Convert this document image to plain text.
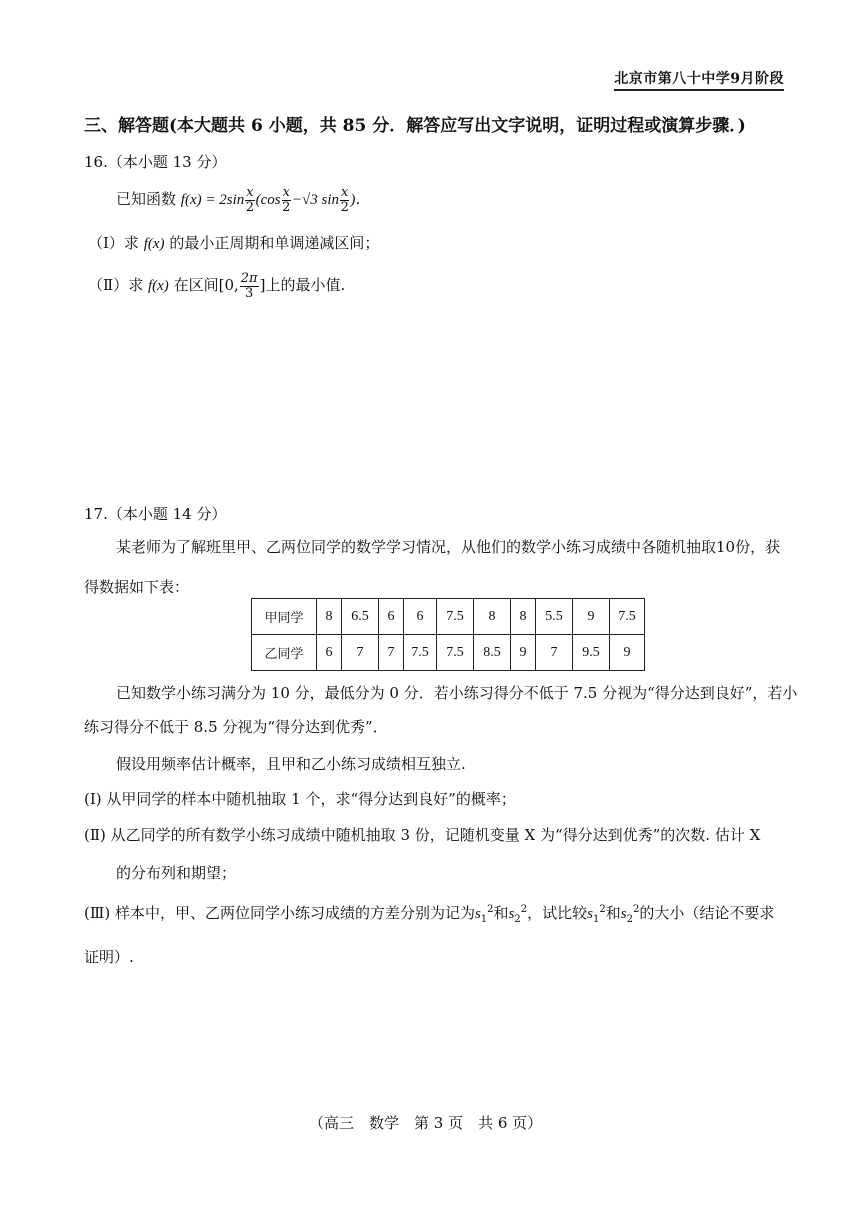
北京市第八十中学9月阶段
三、解答题(本大题共 6 小题，共 85 分．解答应写出文字说明，证明过程或演算步骤．)
16.（本小题 13 分）
已知函数 $f(x) = 2\sin \frac{x}{2} (\cos \frac{x}{2} -√3$ $\sin \frac{x}{2}$ )．
（Ⅰ）求 f(x) 的最小正周期和单调递减区间；
（Ⅱ）求 f(x) 在区间[0, $\frac{2\pi}{3}$ ]上的最小值.
17.（本小题 14 分）
某老师为了解班里甲、乙两位同学的数学学习情况，从他们的数学小练习成绩中各随机抽取10份，获
得数据如下表：
甲同学	8	6.5	6	6	7.5	8	8	5.5	9	7.5
乙同学	6	7	7	7.5	7.5	8.5	9	7	9.5	9
已知数学小练习满分为 10 分，最低分为 0 分．若小练习得分不低于 7.5 分视为“得分达到良好”，若小
练习得分不低于 8.5 分视为“得分达到优秀”．
假设用频率估计概率，且甲和乙小练习成绩相互独立.
(Ⅰ) 从甲同学的样本中随机抽取 1 个，求“得分达到良好”的概率；
(Ⅱ) 从乙同学的所有数学小练习成绩中随机抽取 3 份，记随机变量 X 为“得分达到优秀”的次数. 估计 X
的分布列和期望；
(Ⅲ) 样本中，甲、乙两位同学小练习成绩的方差分别为记为$s_1^2$和$s_2^2$，试比较$s_1^2$和$s_2^2$的大小（结论不要求
证明）.
（高三　数学　第 3 页　共 6 页）
